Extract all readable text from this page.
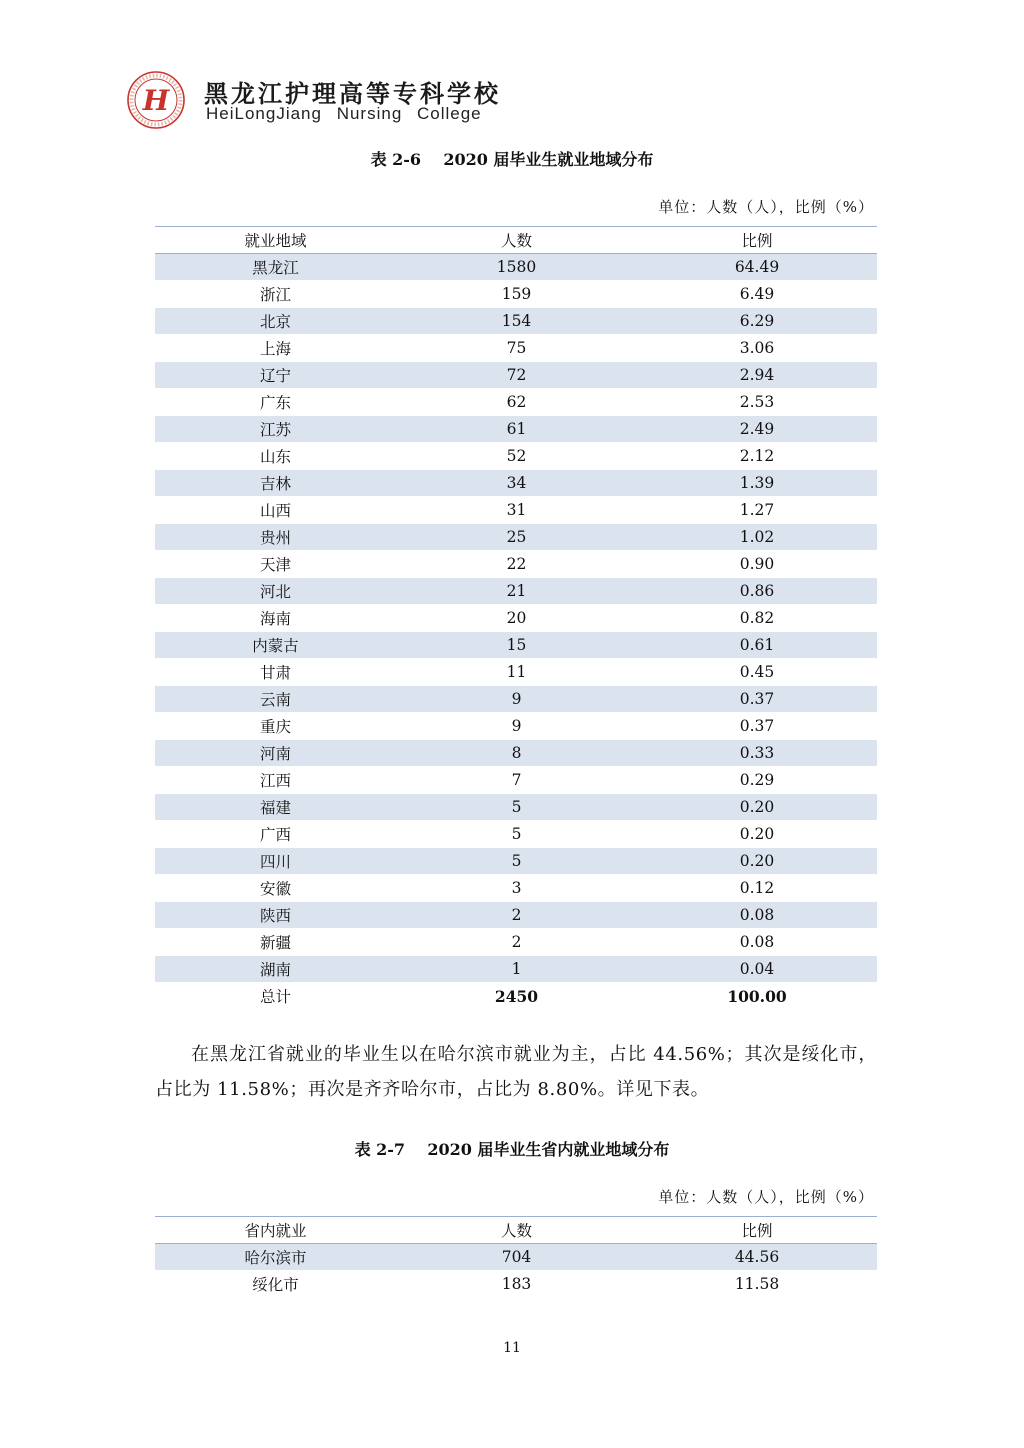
H 黑龙江护理高等专科学校
HeiLongJiang Nursing College
表 2-6    2020 届毕业生就业地域分布
单位：人数（人），比例（%）
就业地域	人数	比例
黑龙江	1580	64.49
浙江	159	6.49
北京	154	6.29
上海	75	3.06
辽宁	72	2.94
广东	62	2.53
江苏	61	2.49
山东	52	2.12
吉林	34	1.39
山西	31	1.27
贵州	25	1.02
天津	22	0.90
河北	21	0.86
海南	20	0.82
内蒙古	15	0.61
甘肃	11	0.45
云南	9	0.37
重庆	9	0.37
河南	8	0.33
江西	7	0.29
福建	5	0.20
广西	5	0.20
四川	5	0.20
安徽	3	0.12
陕西	2	0.08
新疆	2	0.08
湖南	1	0.04
总计	2450	100.00
在黑龙江省就业的毕业生以在哈尔滨市就业为主，占比 44.56%；其次是绥化市，占比为 11.58%；再次是齐齐哈尔市，占比为 8.80%。详见下表。
表 2-7    2020 届毕业生省内就业地域分布
单位：人数（人），比例（%）
省内就业	人数	比例
哈尔滨市	704	44.56
绥化市	183	11.58
11
